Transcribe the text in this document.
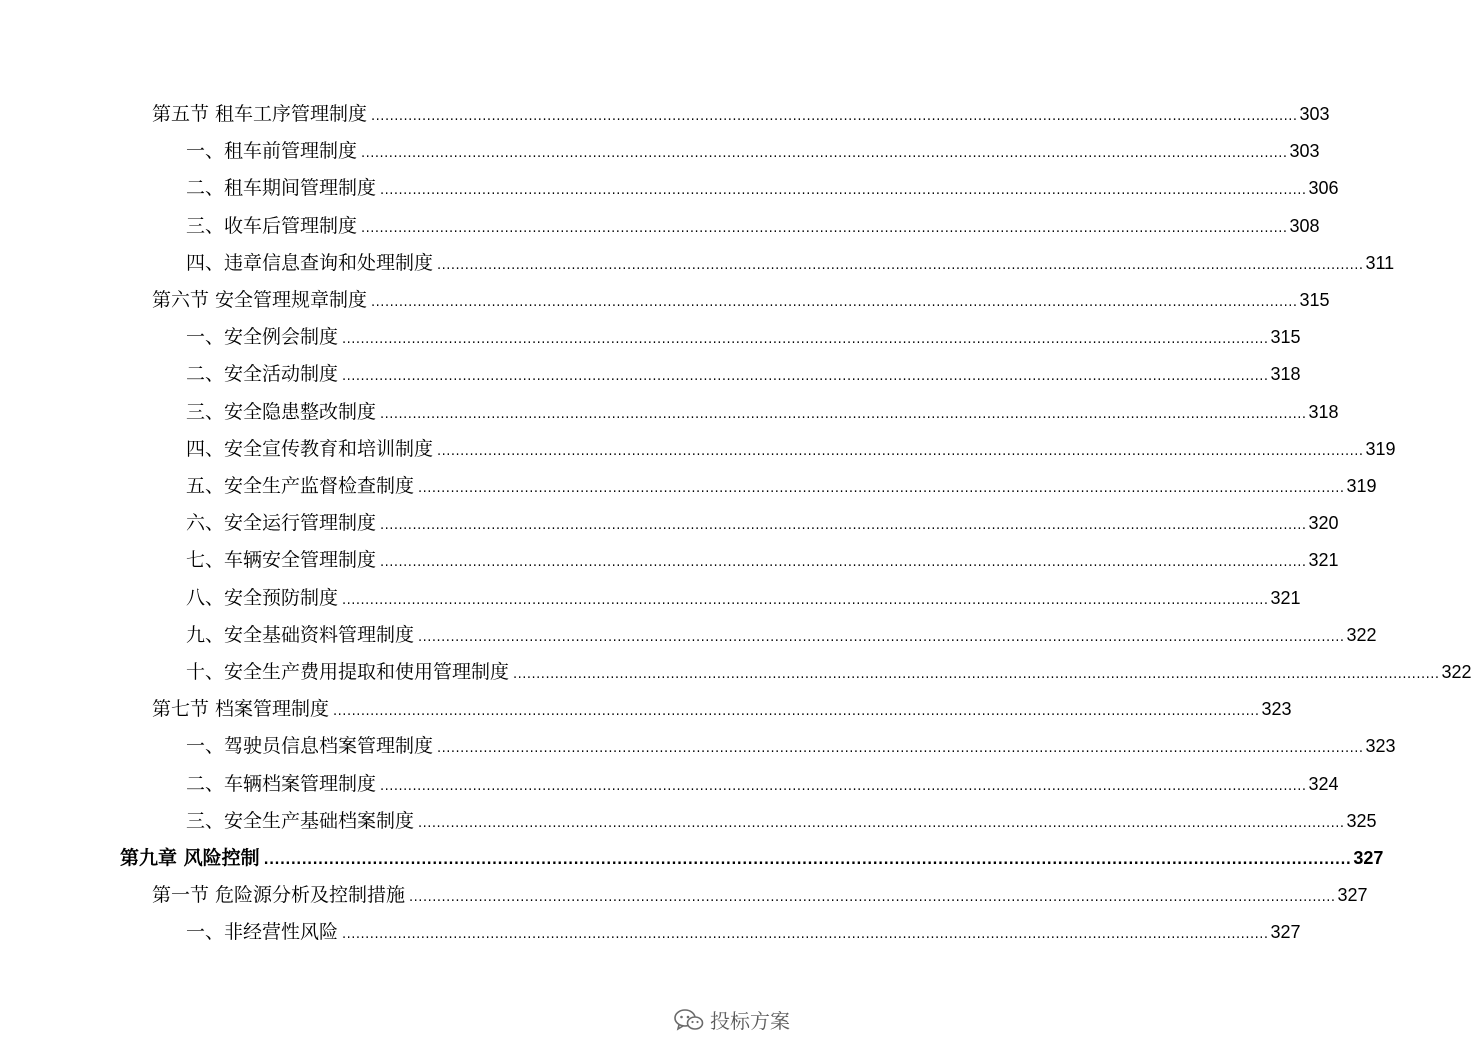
第五节 租车工序管理制度 ........................................................................................................................................................................................................ 303
一、租车前管理制度 ........................................................................................................................................................................................................ 303
二、租车期间管理制度 ........................................................................................................................................................................................................ 306
三、收车后管理制度 ........................................................................................................................................................................................................ 308
四、违章信息查询和处理制度 ........................................................................................................................................................................................................ 311
第六节 安全管理规章制度 ........................................................................................................................................................................................................ 315
一、安全例会制度 ........................................................................................................................................................................................................ 315
二、安全活动制度 ........................................................................................................................................................................................................ 318
三、安全隐患整改制度 ........................................................................................................................................................................................................ 318
四、安全宣传教育和培训制度 ........................................................................................................................................................................................................ 319
五、安全生产监督检查制度 ........................................................................................................................................................................................................ 319
六、安全运行管理制度 ........................................................................................................................................................................................................ 320
七、车辆安全管理制度 ........................................................................................................................................................................................................ 321
八、安全预防制度 ........................................................................................................................................................................................................ 321
九、安全基础资料管理制度 ........................................................................................................................................................................................................ 322
十、安全生产费用提取和使用管理制度 ........................................................................................................................................................................................................ 322
第七节 档案管理制度 ........................................................................................................................................................................................................ 323
一、驾驶员信息档案管理制度 ........................................................................................................................................................................................................ 323
二、车辆档案管理制度 ........................................................................................................................................................................................................ 324
三、安全生产基础档案制度 ........................................................................................................................................................................................................ 325
第九章 风险控制 ........................................................................................................................................................................................................ 327
第一节 危险源分析及控制措施 ........................................................................................................................................................................................................ 327
一、非经营性风险 ........................................................................................................................................................................................................ 327
投标方案
